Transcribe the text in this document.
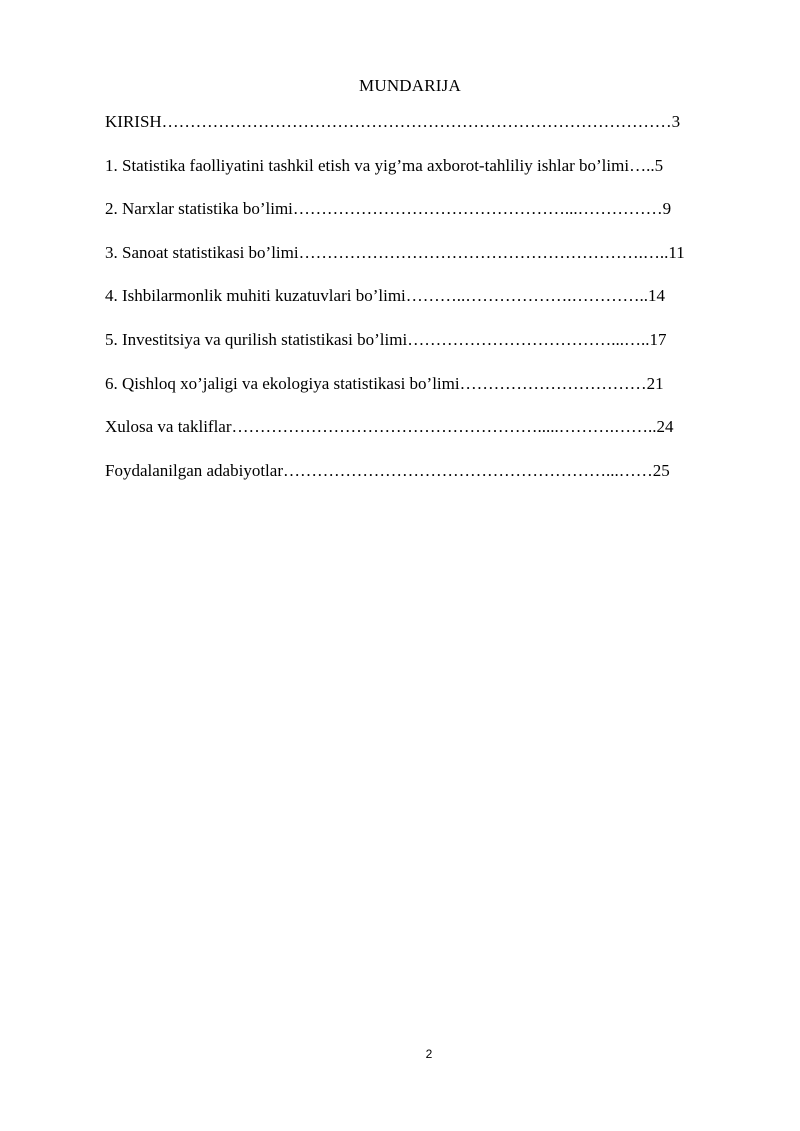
MUNDARIJA
KIRISH………………………………………………………………………………3
1. Statistika faolliyatini tashkil etish va yig’ma axborot-tahliliy ishlar bo’limi…..5
2. Narxlar statistika bo’limi…………………………………………...……………9
3. Sanoat statistikasi bo’limi…………………………………………………….…..11
4. Ishbilarmonlik muhiti kuzatuvlari bo’limi………..……………….…………..14
5. Investitsiya va qurilish statistikasi bo’limi………………………………...…..17
6. Qishloq xo’jaligi va ekologiya statistikasi bo’limi……………………………21
Xulosa va takliflar……………………………………………….....……….……..24
Foydalanilgan adabiyotlar…………………………………………………...……25
2
